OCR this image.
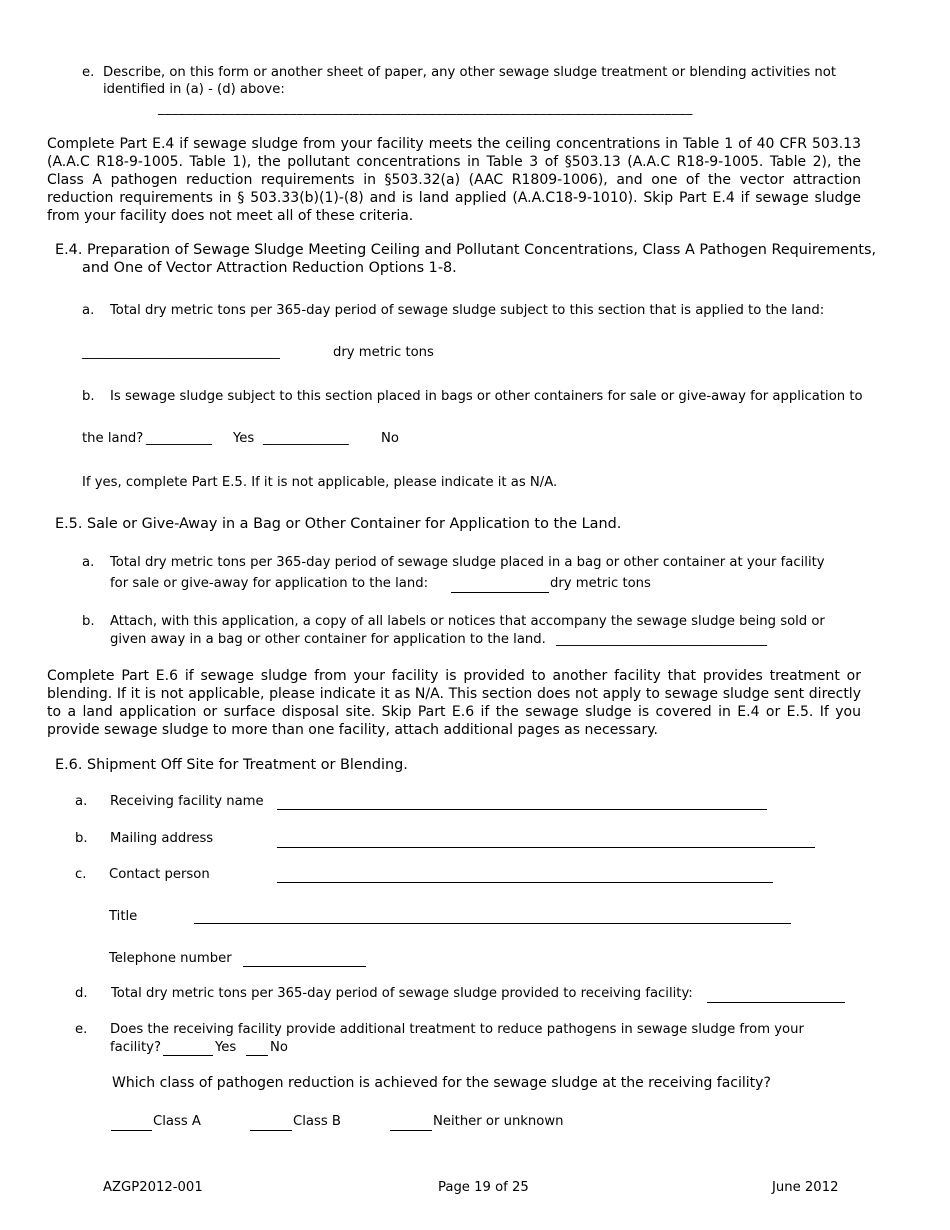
e. Describe, on this form or another sheet of paper, any other sewage sludge treatment or blending activities not
identified in (a) - (d) above:
_____________________________________________________________________________
Complete Part E.4 if sewage sludge from your facility meets the ceiling concentrations in Table 1 of 40 CFR 503.13 (A.A.C R18-9-1005. Table 1), the pollutant concentrations in Table 3 of §503.13 (A.A.C R18-9-1005. Table 2), the Class A pathogen reduction requirements in §503.32(a) (AAC R1809-1006), and one of the vector attraction reduction requirements in § 503.33(b)(1)-(8) and is land applied (A.A.C18-9-1010). Skip Part E.4 if sewage sludge from your facility does not meet all of these criteria.
E.4. Preparation of Sewage Sludge Meeting Ceiling and Pollutant Concentrations, Class A Pathogen Requirements,
and One of Vector Attraction Reduction Options 1-8.
a. Total dry metric tons per 365-day period of sewage sludge subject to this section that is applied to the land:
______________________________	dry metric tons
b. Is sewage sludge subject to this section placed in bags or other containers for sale or give-away for application to
the land? __________ Yes _____________ No
If yes, complete Part E.5. If it is not applicable, please indicate it as N/A.
E.5. Sale or Give-Away in a Bag or Other Container for Application to the Land.
a. Total dry metric tons per 365-day period of sewage sludge placed in a bag or other container at your facility
for sale or give-away for application to the land:	dry metric tons
b. Attach, with this application, a copy of all labels or notices that accompany the sewage sludge being sold or
given away in a bag or other container for application to the land. ________________________________
Complete Part E.6 if sewage sludge from your facility is provided to another facility that provides treatment or blending. If it is not applicable, please indicate it as N/A. This section does not apply to sewage sludge sent directly to a land application or surface disposal site. Skip Part E.6 if the sewage sludge is covered in E.4 or E.5. If you provide sewage sludge to more than one facility, attach additional pages as necessary.
E.6. Shipment Off Site for Treatment or Blending.
a. Receiving facility name
b. Mailing address
c. Contact person
Title
Telephone number
d. Total dry metric tons per 365-day period of sewage sludge provided to receiving facility:
e. Does the receiving facility provide additional treatment to reduce pathogens in sewage sludge from your
facility?	Yes	No
Which class of pathogen reduction is achieved for the sewage sludge at the receiving facility?
Class A	Class B	Neither or unknown
AZGP2012-001	Page 19 of 25	June 2012
